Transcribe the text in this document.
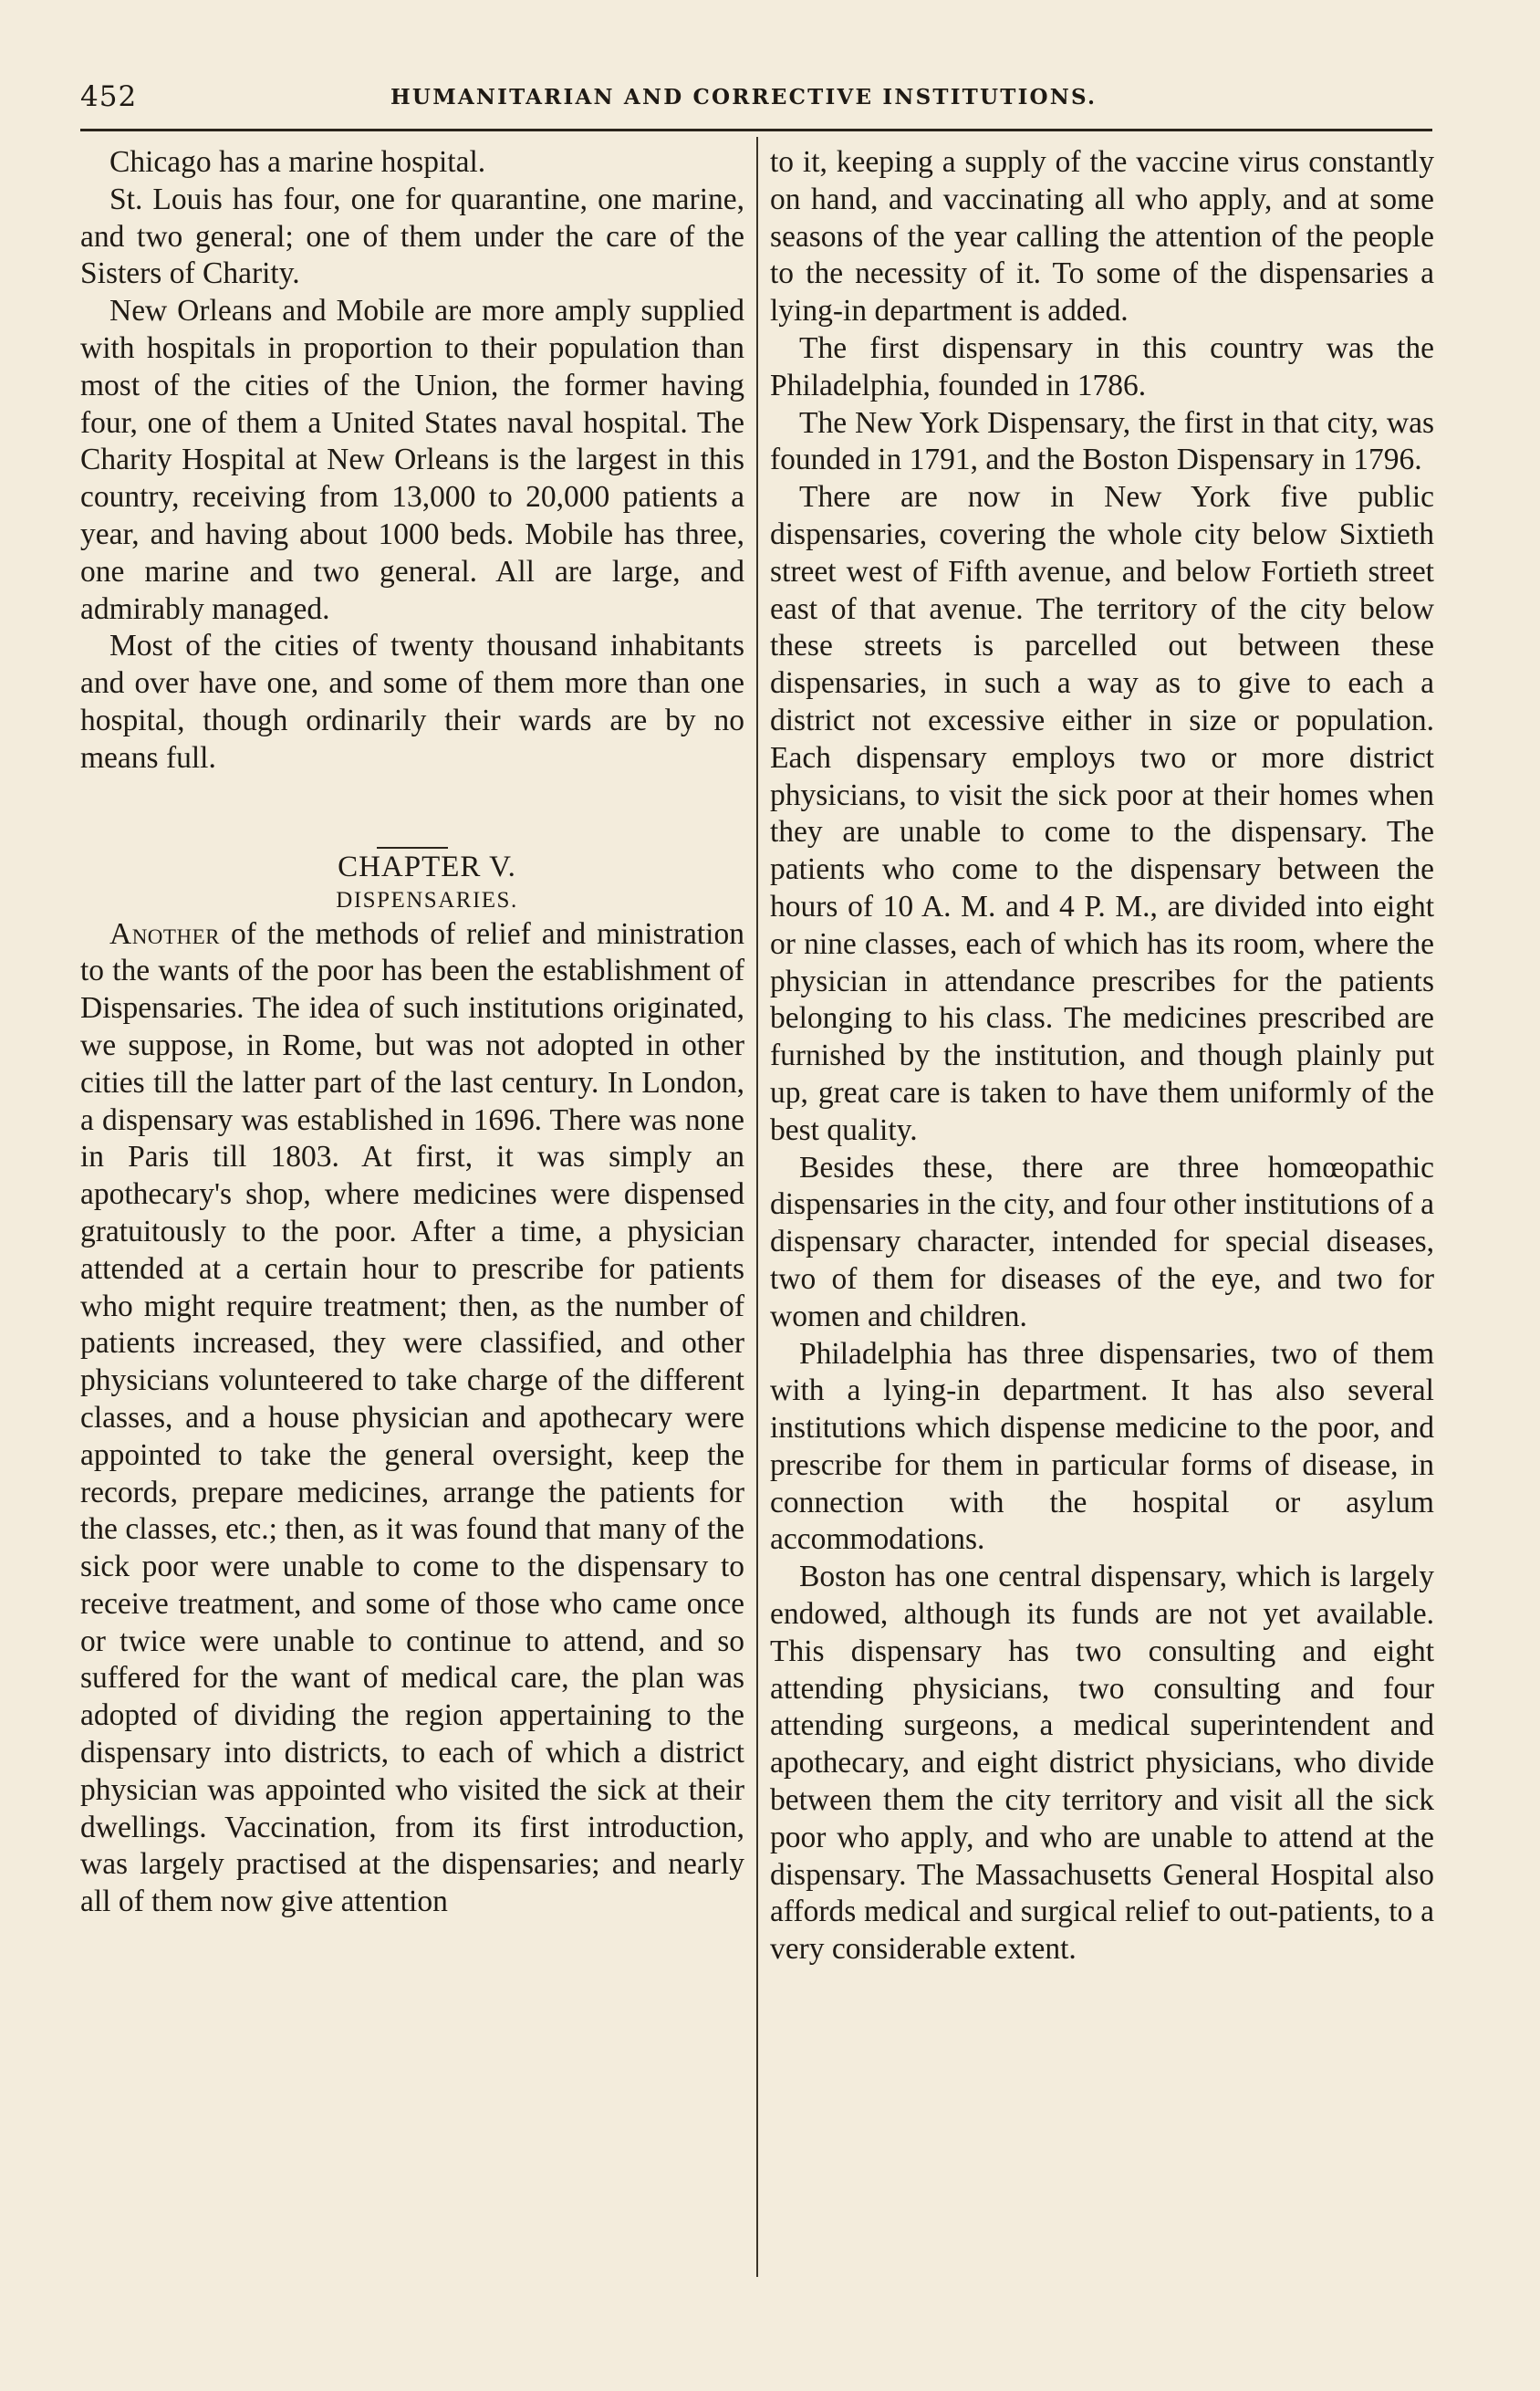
452	HUMANITARIAN AND CORRECTIVE INSTITUTIONS.

Chicago has a marine hospital.

St. Louis has four, one for quarantine, one marine, and two general; one of them under the care of the Sisters of Charity.

New Orleans and Mobile are more amply supplied with hospitals in proportion to their population than most of the cities of the Union, the former having four, one of them a United States naval hospital. The Charity Hospital at New Orleans is the largest in this country, receiving from 13,000 to 20,000 patients a year, and having about 1000 beds. Mobile has three, one marine and two general. All are large, and admirably managed.

Most of the cities of twenty thousand inhabitants and over have one, and some of them more than one hospital, though ordinarily their wards are by no means full.

CHAPTER V.

DISPENSARIES.

Another of the methods of relief and ministration to the wants of the poor has been the establishment of Dispensaries. The idea of such institutions originated, we suppose, in Rome, but was not adopted in other cities till the latter part of the last century. In London, a dispensary was established in 1696. There was none in Paris till 1803. At first, it was simply an apothecary's shop, where medicines were dispensed gratuitously to the poor. After a time, a physician attended at a certain hour to prescribe for patients who might require treatment; then, as the number of patients increased, they were classified, and other physicians volunteered to take charge of the different classes, and a house physician and apothecary were appointed to take the general oversight, keep the records, prepare medicines, arrange the patients for the classes, etc.; then, as it was found that many of the sick poor were unable to come to the dispensary to receive treatment, and some of those who came once or twice were unable to continue to attend, and so suffered for the want of medical care, the plan was adopted of dividing the region appertaining to the dispensary into districts, to each of which a district physician was appointed who visited the sick at their dwellings. Vaccination, from its first introduction, was largely practised at the dispensaries; and nearly all of them now give attention

to it, keeping a supply of the vaccine virus constantly on hand, and vaccinating all who apply, and at some seasons of the year calling the attention of the people to the necessity of it. To some of the dispensaries a lying-in department is added.

The first dispensary in this country was the Philadelphia, founded in 1786.

The New York Dispensary, the first in that city, was founded in 1791, and the Boston Dispensary in 1796.

There are now in New York five public dispensaries, covering the whole city below Sixtieth street west of Fifth avenue, and below Fortieth street east of that avenue. The territory of the city below these streets is parcelled out between these dispensaries, in such a way as to give to each a district not excessive either in size or population. Each dispensary employs two or more district physicians, to visit the sick poor at their homes when they are unable to come to the dispensary. The patients who come to the dispensary between the hours of 10 A. M. and 4 P. M., are divided into eight or nine classes, each of which has its room, where the physician in attendance prescribes for the patients belonging to his class. The medicines prescribed are furnished by the institution, and though plainly put up, great care is taken to have them uniformly of the best quality.

Besides these, there are three homœopathic dispensaries in the city, and four other institutions of a dispensary character, intended for special diseases, two of them for diseases of the eye, and two for women and children.

Philadelphia has three dispensaries, two of them with a lying-in department. It has also several institutions which dispense medicine to the poor, and prescribe for them in particular forms of disease, in connection with the hospital or asylum accommodations.

Boston has one central dispensary, which is largely endowed, although its funds are not yet available. This dispensary has two consulting and eight attending physicians, two consulting and four attending surgeons, a medical superintendent and apothecary, and eight district physicians, who divide between them the city territory and visit all the sick poor who apply, and who are unable to attend at the dispensary. The Massachusetts General Hospital also affords medical and surgical relief to out-patients, to a very considerable extent.
